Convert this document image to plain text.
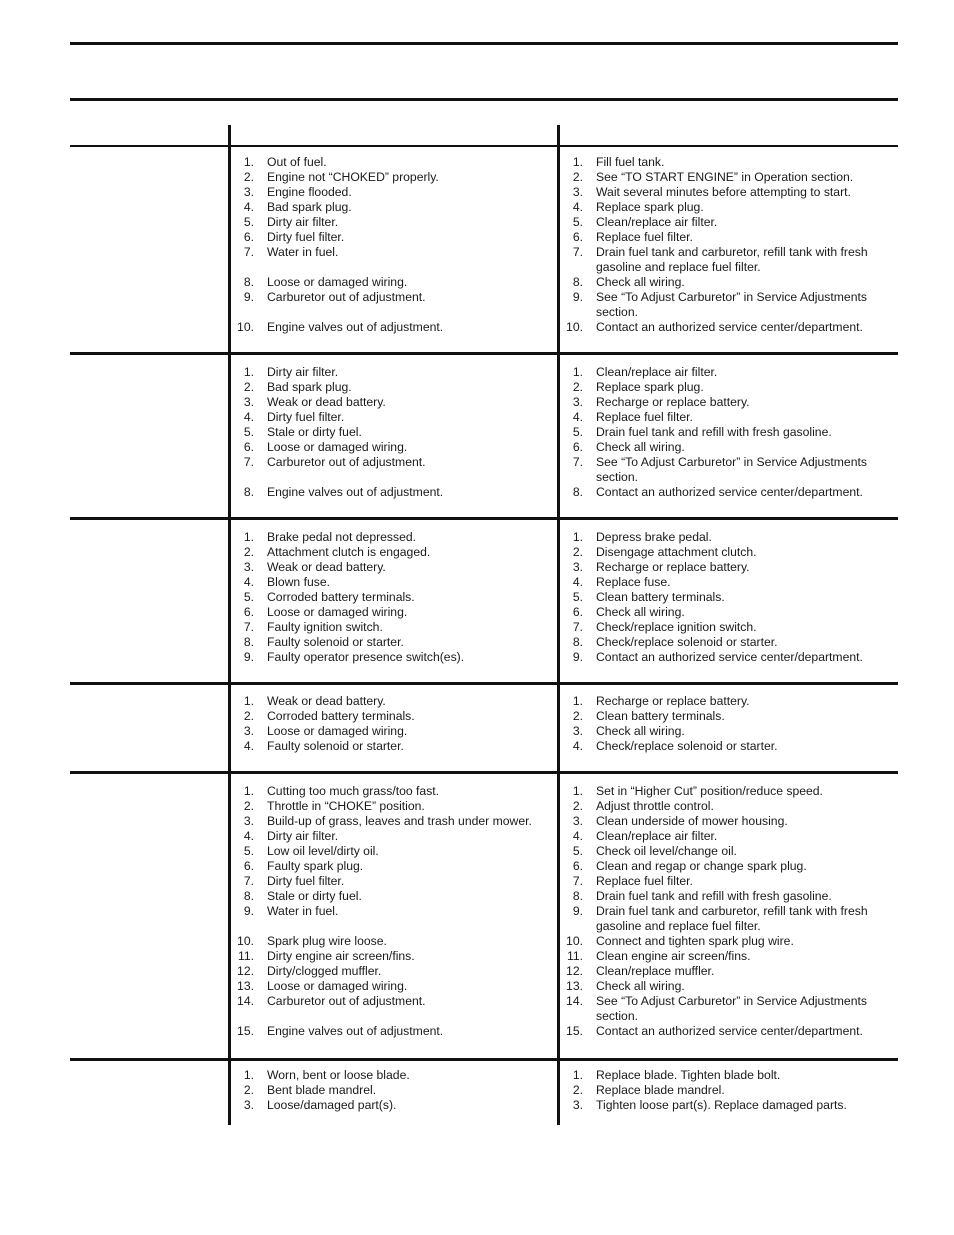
1. Out of fuel.
2. Engine not “CHOKED” properly.
3. Engine flooded.
4. Bad spark plug.
5. Dirty air filter.
6. Dirty fuel filter.
7. Water in fuel.
8. Loose or damaged wiring.
9. Carburetor out of adjustment.
10. Engine valves out of adjustment.
1. Fill fuel tank.
2. See “TO START ENGINE” in Operation section.
3. Wait several minutes before attempting to start.
4. Replace spark plug.
5. Clean/replace air filter.
6. Replace fuel filter.
7. Drain fuel tank and carburetor, refill tank with fresh
gasoline and replace fuel filter.
8. Check all wiring.
9. See “To Adjust Carburetor” in Service Adjustments
section.
10. Contact an authorized service center/department.
1. Dirty air filter.
2. Bad spark plug.
3. Weak or dead battery.
4. Dirty fuel filter.
5. Stale or dirty fuel.
6. Loose or damaged wiring.
7. Carburetor out of adjustment.
8. Engine valves out of adjustment.
1. Clean/replace air filter.
2. Replace spark plug.
3. Recharge or replace battery.
4. Replace fuel filter.
5. Drain fuel tank and refill with fresh gasoline.
6. Check all wiring.
7. See “To Adjust Carburetor” in Service Adjustments
section.
8. Contact an authorized service center/department.
1. Brake pedal not depressed.
2. Attachment clutch is engaged.
3. Weak or dead battery.
4. Blown fuse.
5. Corroded battery terminals.
6. Loose or damaged wiring.
7. Faulty ignition switch.
8. Faulty solenoid or starter.
9. Faulty operator presence switch(es).
1. Depress brake pedal.
2. Disengage attachment clutch.
3. Recharge or replace battery.
4. Replace fuse.
5. Clean battery terminals.
6. Check all wiring.
7. Check/replace ignition switch.
8. Check/replace solenoid or starter.
9. Contact an authorized service center/department.
1. Weak or dead battery.
2. Corroded battery terminals.
3. Loose or damaged wiring.
4. Faulty solenoid or starter.
1. Recharge or replace battery.
2. Clean battery terminals.
3. Check all wiring.
4. Check/replace solenoid or starter.
1. Cutting too much grass/too fast.
2. Throttle in “CHOKE” position.
3. Build-up of grass, leaves and trash under mower.
4. Dirty air filter.
5. Low oil level/dirty oil.
6. Faulty spark plug.
7. Dirty fuel filter.
8. Stale or dirty fuel.
9. Water in fuel.
10. Spark plug wire loose.
11. Dirty engine air screen/fins.
12. Dirty/clogged muffler.
13. Loose or damaged wiring.
14. Carburetor out of adjustment.
15. Engine valves out of adjustment.
1. Set in “Higher Cut” position/reduce speed.
2. Adjust throttle control.
3. Clean underside of mower housing.
4. Clean/replace air filter.
5. Check oil level/change oil.
6. Clean and regap or change spark plug.
7. Replace fuel filter.
8. Drain fuel tank and refill with fresh gasoline.
9. Drain fuel tank and carburetor, refill tank with fresh
gasoline and replace fuel filter.
10. Connect and tighten spark plug wire.
11. Clean engine air screen/fins.
12. Clean/replace muffler.
13. Check all wiring.
14. See “To Adjust Carburetor” in Service Adjustments
section.
15. Contact an authorized service center/department.
1. Worn, bent or loose blade.
2. Bent blade mandrel.
3. Loose/damaged part(s).
1. Replace blade. Tighten blade bolt.
2. Replace blade mandrel.
3. Tighten loose part(s). Replace damaged parts.
